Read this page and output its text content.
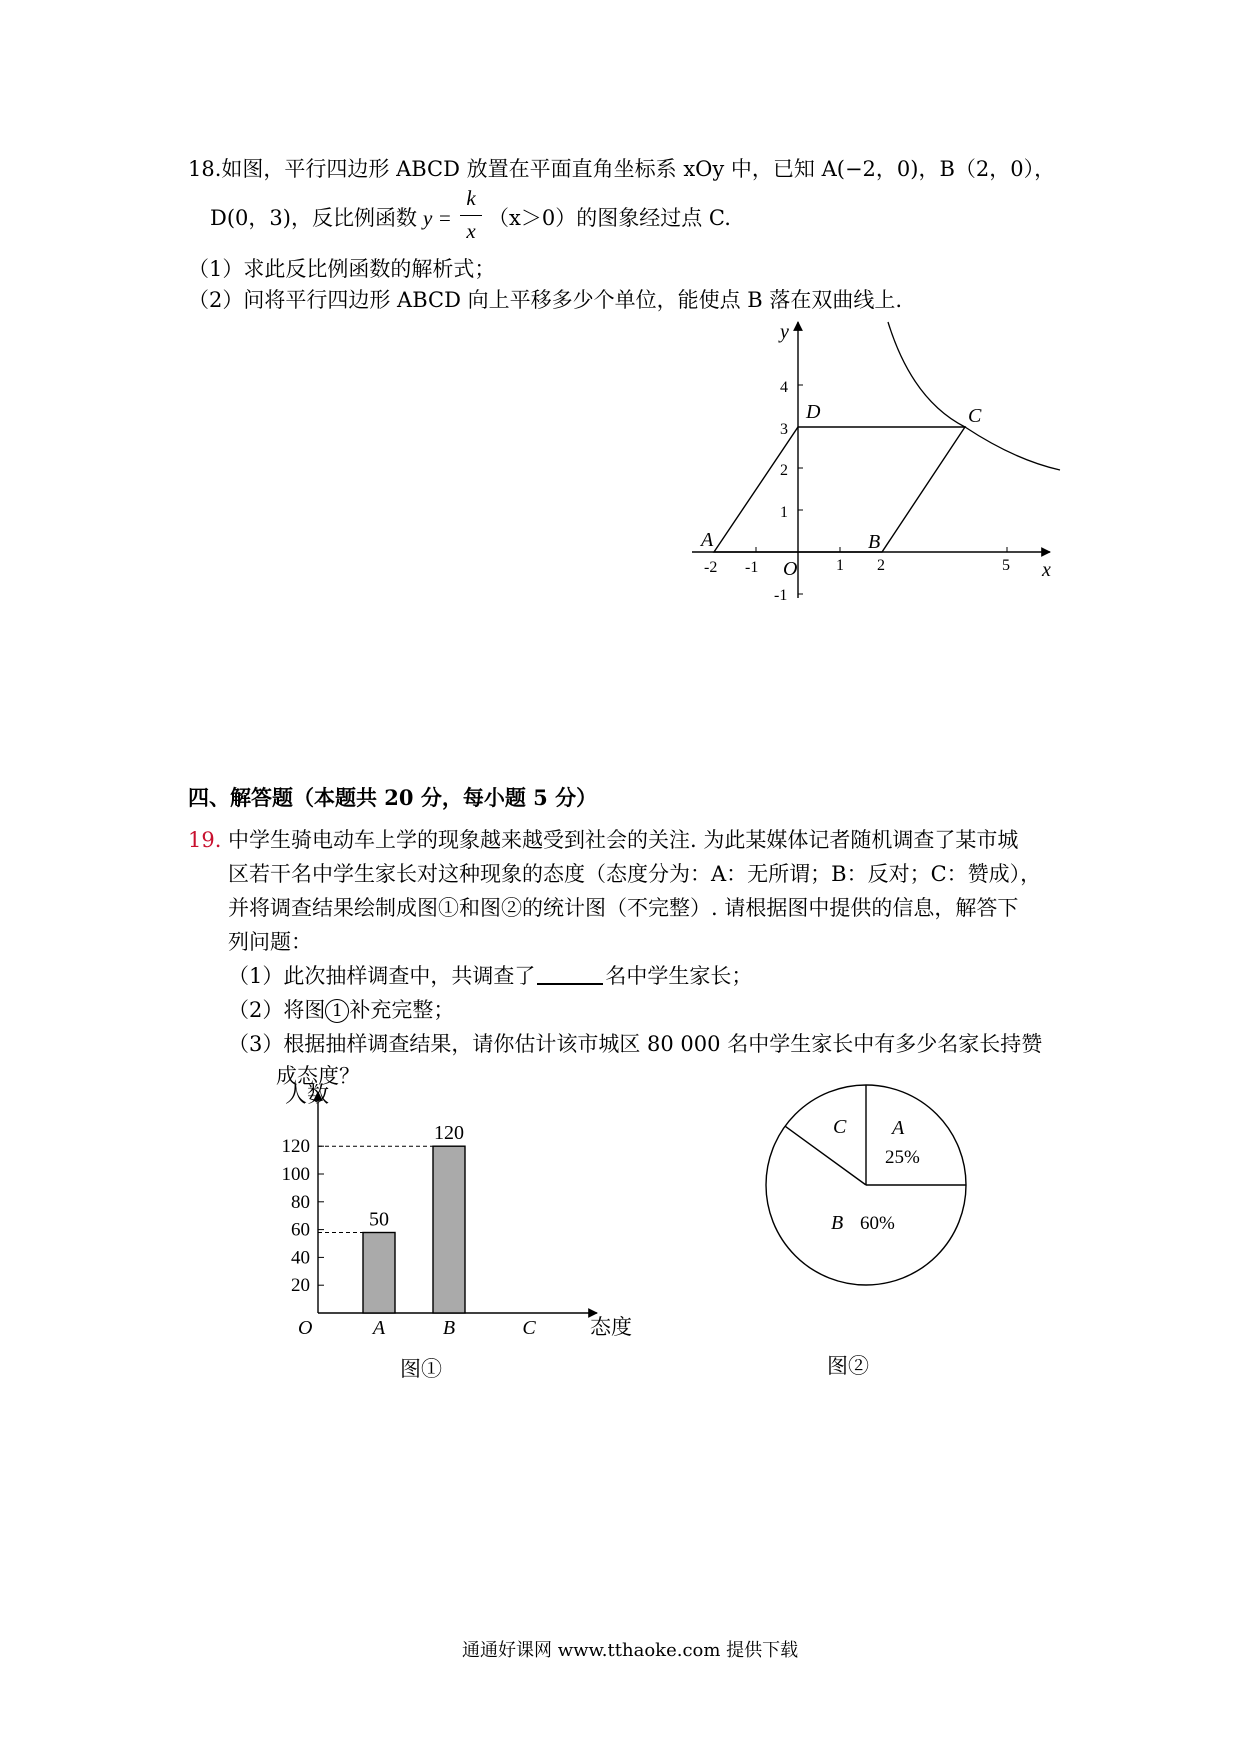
18.如图，平行四边形 ABCD 放置在平面直角坐标系 xOy 中，已知 A(−2，0)，B（2，0），
D(0，3)，反比例函数 y =
k
x
（x＞0）的图象经过点 C.
（1）求此反比例函数的解析式；
（2）问将平行四边形 ABCD 向上平移多少个单位，能使点 B 落在双曲线上.
y
x
O
A	B
C
D
4
3
2
1
-1
-2 -1	1 2	5
四、解答题（本题共 20 分，每小题 5 分）
19. 中学生骑电动车上学的现象越来越受到社会的关注. 为此某媒体记者随机调查了某市城
区若干名中学生家长对这种现象的态度（态度分为：A：无所谓；B：反对；C：赞成），
并将调查结果绘制成图①和图②的统计图（不完整）. 请根据图中提供的信息，解答下
列问题：
（1）此次抽样调查中，共调查了	名中学生家长；
（2）将图 1 补充完整；
（3）根据抽样调查结果，请你估计该市城区 80 000 名中学生家长中有多少名家长持赞
成态度？
人数
态度
O
120
100
80
60
40
20
A	B	C
50
120
图①
A
25%
B 60%
C
图②
通通好课网 www.tthaoke.com 提供下载
